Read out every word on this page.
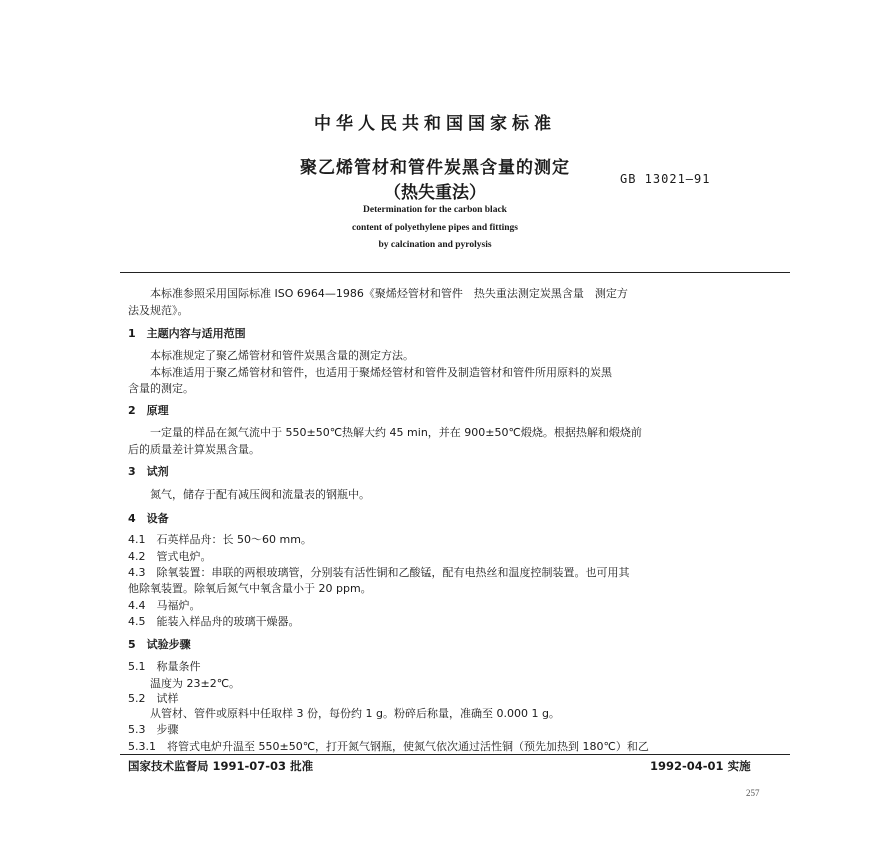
中华人民共和国国家标准
聚乙烯管材和管件炭黑含量的测定
（热失重法）
GB 13021—91
Determination for the carbon black
content of polyethylene pipes and fittings
by calcination and pyrolysis
本标准参照采用国际标准 ISO 6964—1986《聚烯烃管材和管件　热失重法测定炭黑含量　测定方
法及规范》。
1　主题内容与适用范围
本标准规定了聚乙烯管材和管件炭黑含量的测定方法。
本标准适用于聚乙烯管材和管件，也适用于聚烯烃管材和管件及制造管材和管件所用原料的炭黑
含量的测定。
2　原理
一定量的样品在氮气流中于 550±50℃热解大约 45 min，并在 900±50℃煅烧。根据热解和煅烧前
后的质量差计算炭黑含量。
3　试剂
氮气，储存于配有减压阀和流量表的钢瓶中。
4　设备
4.1　石英样品舟：长 50～60 mm。
4.2　管式电炉。
4.3　除氧装置：串联的两根玻璃管，分别装有活性铜和乙酸锰，配有电热丝和温度控制装置。也可用其
他除氧装置。除氧后氮气中氧含量小于 20 ppm。
4.4　马福炉。
4.5　能装入样品舟的玻璃干燥器。
5　试验步骤
5.1　称量条件
温度为 23±2℃。
5.2　试样
从管材、管件或原料中任取样 3 份，每份约 1 g。粉碎后称量，准确至 0.000 1 g。
5.3　步骤
5.3.1　将管式电炉升温至 550±50℃，打开氮气钢瓶，使氮气依次通过活性铜（预先加热到 180℃）和乙
国家技术监督局 1991-07-03 批准	1992-04-01 实施
257
